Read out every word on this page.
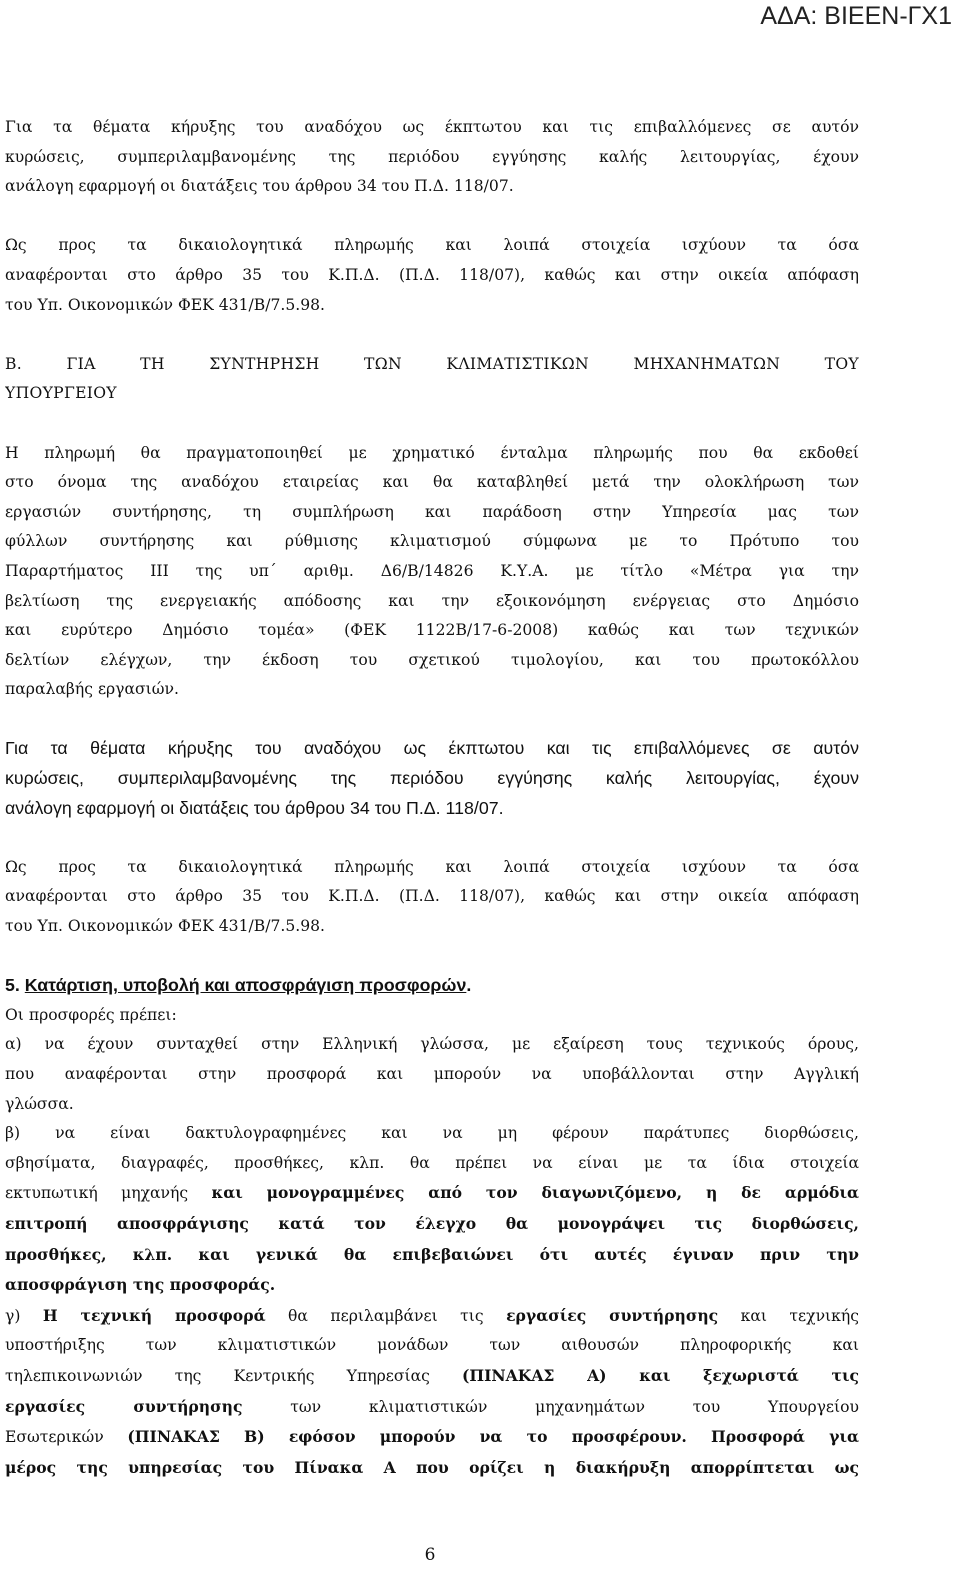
ΑΔΑ: ΒΙΕΕΝ-ΓΧ1
Για τα θέματα κήρυξης του αναδόχου ως έκπτωτου και τις επιβαλλόμενες σε αυτόν
κυρώσεις, συμπεριλαμβανομένης της περιόδου εγγύησης καλής λειτουργίας, έχουν
ανάλογη εφαρμογή οι διατάξεις του άρθρου 34 του Π.Δ. 118/07.
Ως προς τα δικαιολογητικά πληρωμής και λοιπά στοιχεία ισχύουν τα όσα
αναφέρονται στο άρθρο 35 του Κ.Π.Δ. (Π.Δ. 118/07), καθώς και στην οικεία απόφαση
του Υπ. Οικονομικών ΦΕΚ 431/Β/7.5.98.
Β. ΓΙΑ ΤΗ ΣΥΝΤΗΡΗΣΗ ΤΩΝ ΚΛΙΜΑΤΙΣΤΙΚΩΝ ΜΗΧΑΝΗΜΑΤΩΝ ΤΟΥ
ΥΠΟΥΡΓΕΙΟΥ
Η πληρωμή θα πραγματοποιηθεί με χρηματικό ένταλμα πληρωμής που θα εκδοθεί
στο όνομα της αναδόχου εταιρείας και θα καταβληθεί μετά την ολοκλήρωση των
εργασιών συντήρησης, τη συμπλήρωση και παράδοση στην Υπηρεσία μας των
φύλλων συντήρησης και ρύθμισης κλιματισμού σύμφωνα με το Πρότυπο του
Παραρτήματος ΙΙΙ της υπ΄ αριθμ. Δ6/Β/14826 Κ.Υ.Α. με τίτλο «Μέτρα για την
βελτίωση της ενεργειακής απόδοσης και την εξοικονόμηση ενέργειας στο Δημόσιο
και ευρύτερο Δημόσιο τομέα» (ΦΕΚ 1122Β/17-6-2008) καθώς και των τεχνικών
δελτίων ελέγχων, την έκδοση του σχετικού τιμολογίου, και του πρωτοκόλλου
παραλαβής εργασιών.
Για τα θέματα κήρυξης του αναδόχου ως έκπτωτου και τις επιβαλλόμενες σε αυτόν
κυρώσεις, συμπεριλαμβανομένης της περιόδου εγγύησης καλής λειτουργίας, έχουν
ανάλογη εφαρμογή οι διατάξεις του άρθρου 34 του Π.Δ. 118/07.
Ως προς τα δικαιολογητικά πληρωμής και λοιπά στοιχεία ισχύουν τα όσα
αναφέρονται στο άρθρο 35 του Κ.Π.Δ. (Π.Δ. 118/07), καθώς και στην οικεία απόφαση
του Υπ. Οικονομικών ΦΕΚ 431/Β/7.5.98.
5. Κατάρτιση, υποβολή και αποσφράγιση προσφορών.
Οι προσφορές πρέπει:
α) να έχουν συνταχθεί στην Ελληνική γλώσσα, με εξαίρεση τους τεχνικούς όρους,
που αναφέρονται στην προσφορά και μπορούν να υποβάλλονται στην Αγγλική
γλώσσα.
β) να είναι δακτυλογραφημένες και να μη φέρουν παράτυπες διορθώσεις,
σβησίματα, διαγραφές, προσθήκες, κλπ. θα πρέπει να είναι με τα ίδια στοιχεία
εκτυπωτική μηχανής και μονογραμμένες από τον διαγωνιζόμενο, η δε αρμόδια
επιτροπή αποσφράγισης κατά τον έλεγχο θα μονογράψει τις διορθώσεις,
προσθήκες, κλπ. και γενικά θα επιβεβαιώνει ότι αυτές έγιναν πριν την
αποσφράγιση της προσφοράς.
γ) Η τεχνική προσφορά θα περιλαμβάνει τις εργασίες συντήρησης και τεχνικής
υποστήριξης των κλιματιστικών μονάδων των αιθουσών πληροφορικής και
τηλεπικοινωνιών της Κεντρικής Υπηρεσίας (ΠΙΝΑΚΑΣ Α) και ξεχωριστά τις
εργασίες συντήρησης των κλιματιστικών μηχανημάτων του Υπουργείου
Εσωτερικών (ΠΙΝΑΚΑΣ Β) εφόσον μπορούν να το προσφέρουν. Προσφορά για
μέρος της υπηρεσίας του Πίνακα Α που ορίζει η διακήρυξη απορρίπτεται ως
6
